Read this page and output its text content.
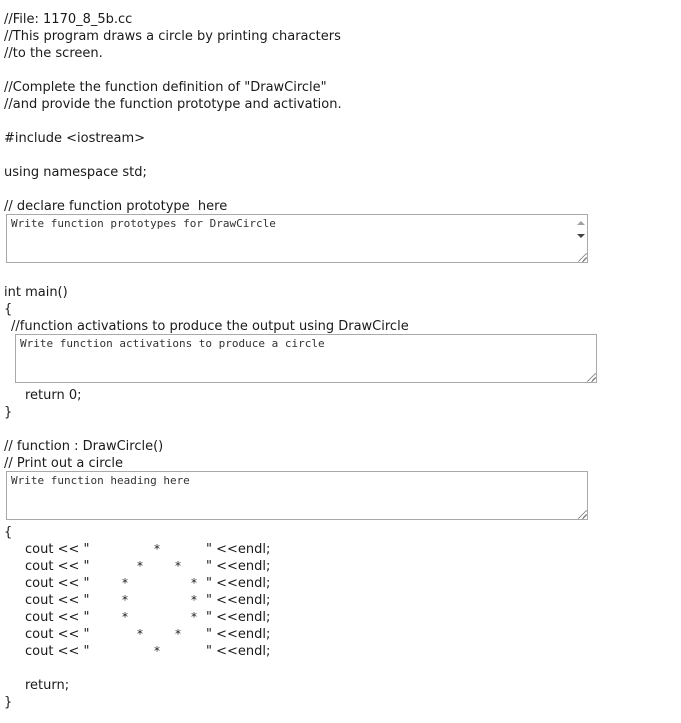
//File: 1170_8_5b.cc
//This program draws a circle by printing characters
//to the screen.
//Complete the function definition of "DrawCircle"
//and provide the function prototype and activation.
#include <iostream>
using namespace std;
// declare function prototype  here
Write function prototypes for DrawCircle
int main()
{
//function activations to produce the output using DrawCircle
Write function activations to produce a circle
return 0;
}
// function : DrawCircle()
// Print out a circle
Write function heading here
{

cout << "

	*

	" <<endl;

cout << "

	*

	*

" <<endl;

cout << "

	*

	*

" <<endl;

cout << "

	*

	*

" <<endl;

cout << "

	*

	*

" <<endl;

cout << "

	*

	*

" <<endl;

cout << "

	*

	" <<endl;

return;
}
